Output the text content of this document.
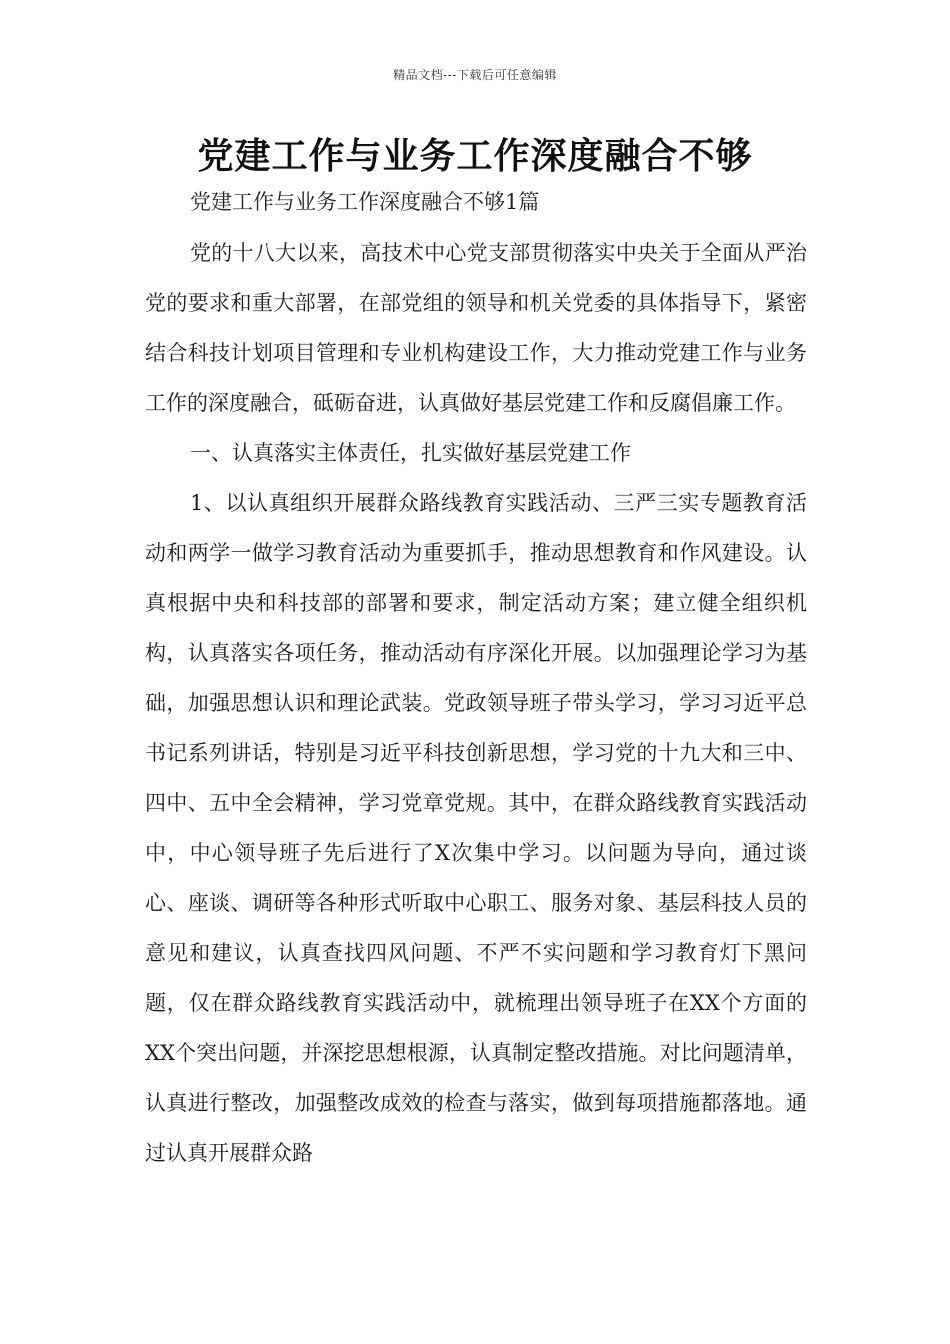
精品文档---下载后可任意编辑
党建工作与业务工作深度融合不够
党建工作与业务工作深度融合不够1篇

党的十八大以来，高技术中心党支部贯彻落实中央关于全面从严治党的要求和重大部署，在部党组的领导和机关党委的具体指导下，紧密结合科技计划项目管理和专业机构建设工作，大力推动党建工作与业务工作的深度融合，砥砺奋进，认真做好基层党建工作和反腐倡廉工作。

一、认真落实主体责任，扎实做好基层党建工作

1、以认真组织开展群众路线教育实践活动、三严三实专题教育活动和两学一做学习教育活动为重要抓手，推动思想教育和作风建设。认真根据中央和科技部的部署和要求，制定活动方案；建立健全组织机构，认真落实各项任务，推动活动有序深化开展。以加强理论学习为基础，加强思想认识和理论武装。党政领导班子带头学习，学习习近平总书记系列讲话，特别是习近平科技创新思想，学习党的十九大和三中、四中、五中全会精神，学习党章党规。其中，在群众路线教育实践活动中，中心领导班子先后进行了X次集中学习。以问题为导向，通过谈心、座谈、调研等各种形式听取中心职工、服务对象、基层科技人员的意见和建议，认真查找四风问题、不严不实问题和学习教育灯下黑问题，仅在群众路线教育实践活动中，就梳理出领导班子在XX个方面的XX个突出问题，并深挖思想根源，认真制定整改措施。对比问题清单，认真进行整改，加强整改成效的检查与落实，做到每项措施都落地。通过认真开展群众路
